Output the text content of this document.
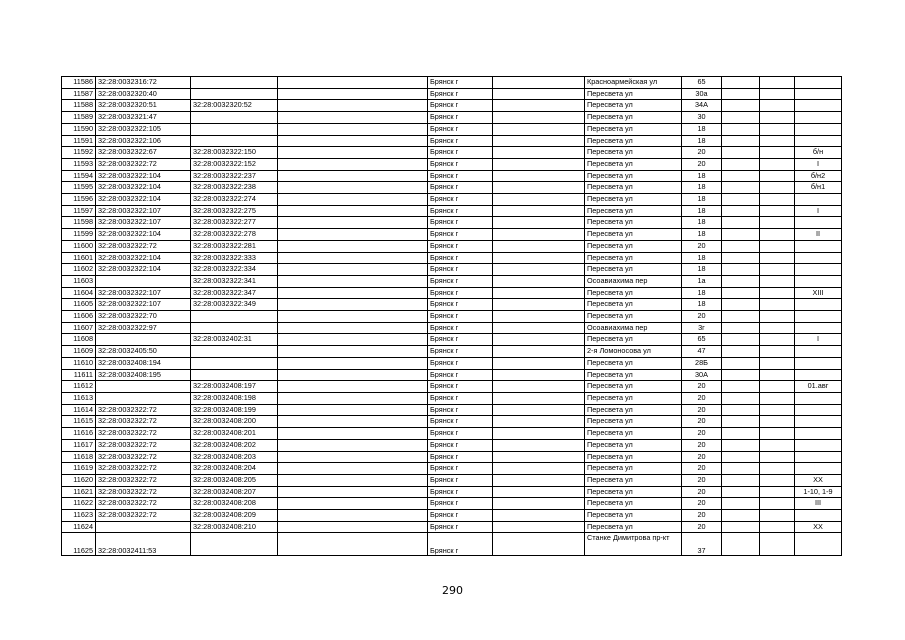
11586	32:28:0032316:72			Брянск г		Красноармейская ул	65			
11587	32:28:0032320:40			Брянск г		Пересвета ул	30а			
11588	32:28:0032320:51	32:28:0032320:52		Брянск г		Пересвета ул	34А			
11589	32:28:0032321:47			Брянск г		Пересвета ул	30			
11590	32:28:0032322:105			Брянск г		Пересвета ул	18			
11591	32:28:0032322:106			Брянск г		Пересвета ул	18			
11592	32:28:0032322:67	32:28:0032322:150		Брянск г		Пересвета ул	20			б/н
11593	32:28:0032322:72	32:28:0032322:152		Брянск г		Пересвета ул	20			I
11594	32:28:0032322:104	32:28:0032322:237		Брянск г		Пересвета ул	18			б/н2
11595	32:28:0032322:104	32:28:0032322:238		Брянск г		Пересвета ул	18			б/н1
11596	32:28:0032322:104	32:28:0032322:274		Брянск г		Пересвета ул	18			
11597	32:28:0032322:107	32:28:0032322:275		Брянск г		Пересвета ул	18			I
11598	32:28:0032322:107	32:28:0032322:277		Брянск г		Пересвета ул	18			
11599	32:28:0032322:104	32:28:0032322:278		Брянск г		Пересвета ул	18			II
11600	32:28:0032322:72	32:28:0032322:281		Брянск г		Пересвета ул	20			
11601	32:28:0032322:104	32:28:0032322:333		Брянск г		Пересвета ул	18			
11602	32:28:0032322:104	32:28:0032322:334		Брянск г		Пересвета ул	18			
11603		32:28:0032322:341		Брянск г		Осоавиахима пер	1а			
11604	32:28:0032322:107	32:28:0032322:347		Брянск г		Пересвета ул	18			XIII
11605	32:28:0032322:107	32:28:0032322:349		Брянск г		Пересвета ул	18			
11606	32:28:0032322:70			Брянск г		Пересвета ул	20			
11607	32:28:0032322:97			Брянск г		Осоавиахима пер	3г			
11608		32:28:0032402:31		Брянск г		Пересвета ул	65			I
11609	32:28:0032405:50			Брянск г		2-я Ломоносова ул	47			
11610	32:28:0032408:194			Брянск г		Пересвета ул	28Б			
11611	32:28:0032408:195			Брянск г		Пересвета ул	30А			
11612		32:28:0032408:197		Брянск г		Пересвета ул	20			01.авг
11613		32:28:0032408:198		Брянск г		Пересвета ул	20			
11614	32:28:0032322:72	32:28:0032408:199		Брянск г		Пересвета ул	20			
11615	32:28:0032322:72	32:28:0032408:200		Брянск г		Пересвета ул	20			
11616	32:28:0032322:72	32:28:0032408:201		Брянск г		Пересвета ул	20			
11617	32:28:0032322:72	32:28:0032408:202		Брянск г		Пересвета ул	20			
11618	32:28:0032322:72	32:28:0032408:203		Брянск г		Пересвета ул	20			
11619	32:28:0032322:72	32:28:0032408:204		Брянск г		Пересвета ул	20			
11620	32:28:0032322:72	32:28:0032408:205		Брянск г		Пересвета ул	20			XX
11621	32:28:0032322:72	32:28:0032408:207		Брянск г		Пересвета ул	20			1-10, 1-9
11622	32:28:0032322:72	32:28:0032408:208		Брянск г		Пересвета ул	20			III
11623	32:28:0032322:72	32:28:0032408:209		Брянск г		Пересвета ул	20			
11624		32:28:0032408:210		Брянск г		Пересвета ул	20			XX
11625	32:28:0032411:53			Брянск г		Станке Димитрова пр-кт	37			
290
